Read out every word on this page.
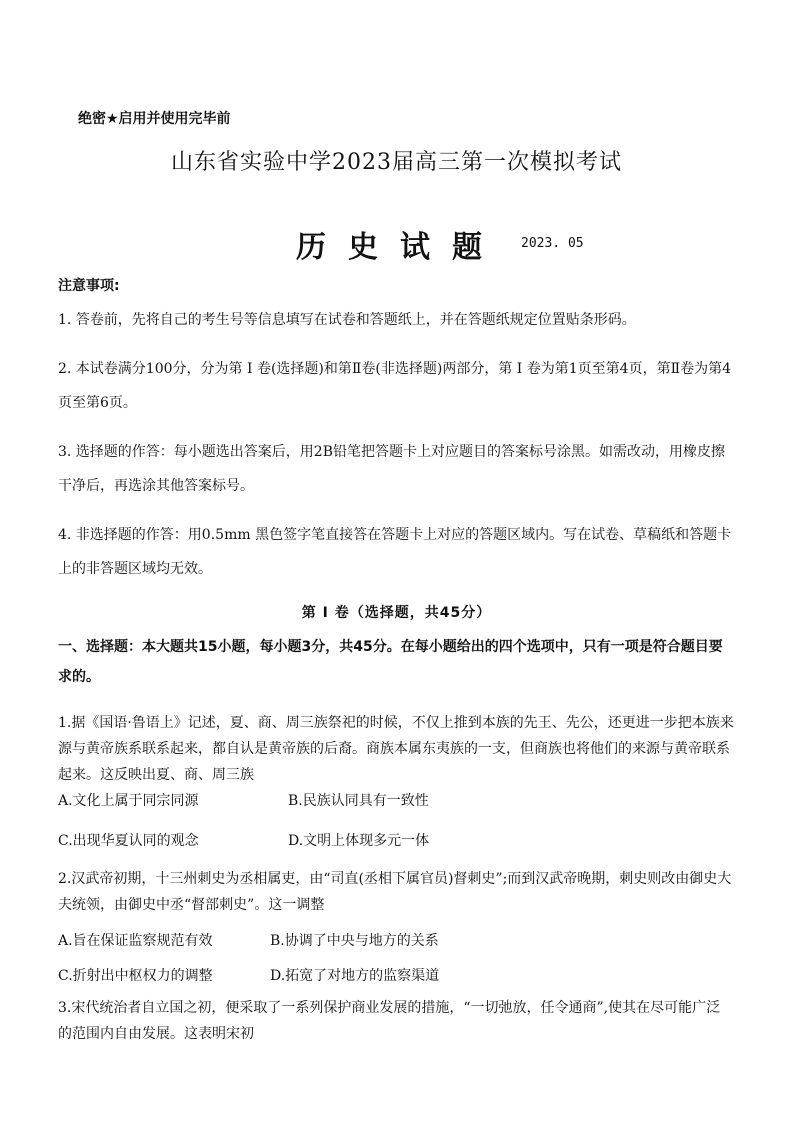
绝密★启用并使用完毕前
山东省实验中学2023届高三第一次模拟考试
历史试题 2023. 05
注意事项:
1. 答卷前，先将自己的考生号等信息填写在试卷和答题纸上，并在答题纸规定位置贴条形码。
2. 本试卷满分100分，分为第 I 卷(选择题)和第Ⅱ卷(非选择题)两部分，第 I 卷为第1页至第4页，第Ⅱ卷为第4页至第6页。
3. 选择题的作答：每小题选出答案后，用2B铅笔把答题卡上对应题目的答案标号涂黑。如需改动，用橡皮擦干净后，再选涂其他答案标号。
4. 非选择题的作答：用0.5mm 黑色签字笔直接答在答题卡上对应的答题区域内。写在试卷、草稿纸和答题卡上的非答题区域均无效。
第 I 卷（选择题，共45分）
一、选择题：本大题共15小题，每小题3分，共45分。在每小题给出的四个选项中，只有一项是符合题目要求的。
1.据《国语·鲁语上》记述，夏、商、周三族祭祀的时候，不仅上推到本族的先王、先公，还更进一步把本族来源与黄帝族系联系起来，都自认是黄帝族的后裔。商族本属东夷族的一支，但商族也将他们的来源与黄帝联系起来。这反映出夏、商、周三族
A.文化上属于同宗同源	B.民族认同具有一致性
C.出现华夏认同的观念	D.文明上体现多元一体
2.汉武帝初期，十三州刺史为丞相属吏，由“司直(丞相下属官员)督刺史”;而到汉武帝晚期，刺史则改由御史大夫统领，由御史中丞“督部刺史”。这一调整
A.旨在保证监察规范有效	B.协调了中央与地方的关系
C.折射出中枢权力的调整	D.拓宽了对地方的监察渠道
3.宋代统治者自立国之初，便采取了一系列保护商业发展的措施，“一切弛放，任令通商”,使其在尽可能广泛的范围内自由发展。这表明宋初
